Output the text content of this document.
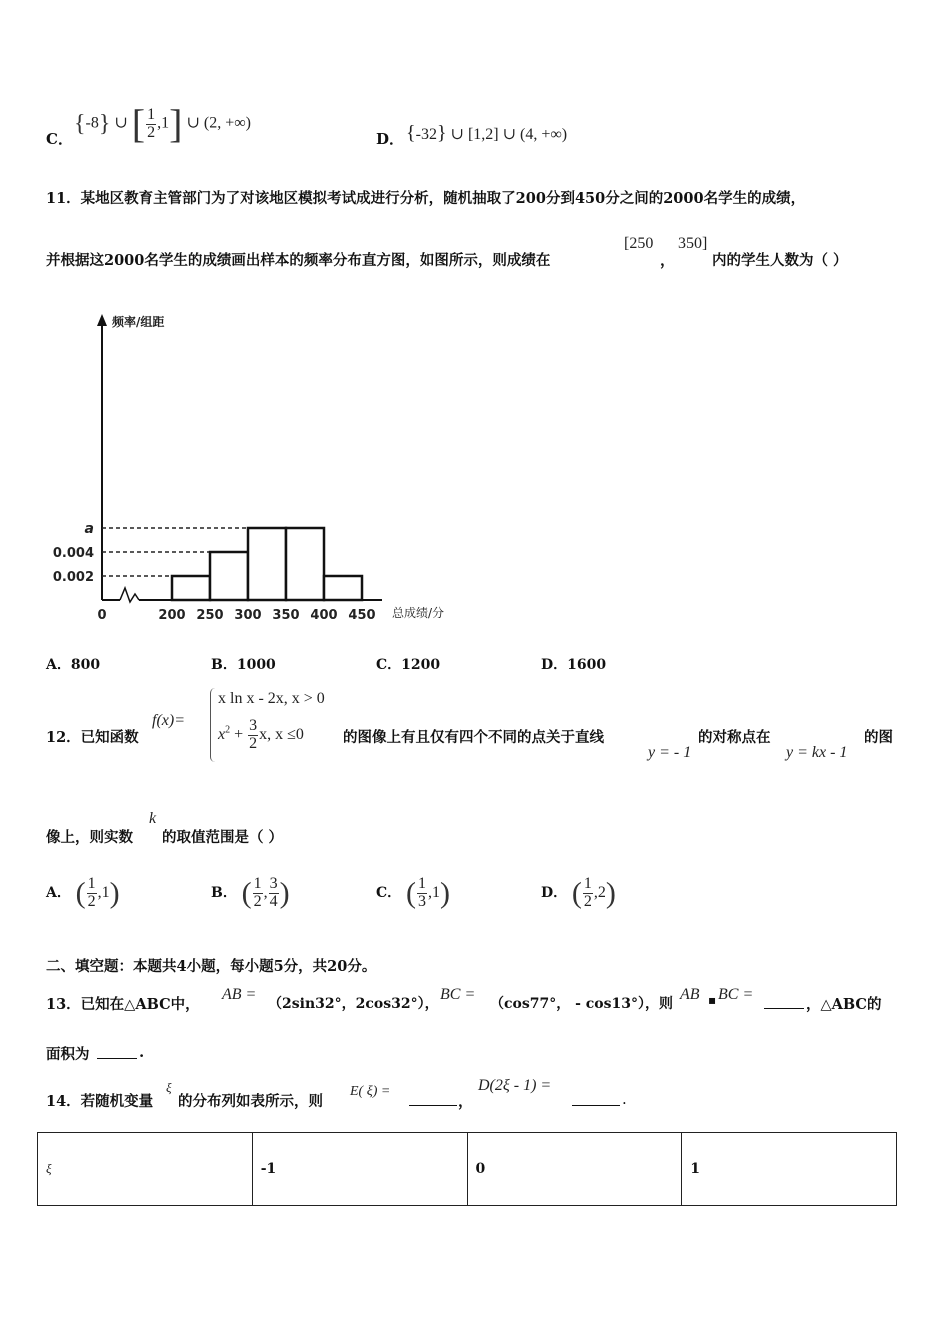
C．
{-8} ∪ [ $\frac{1}{2} ,1$] ∪ (2, +∞)
D． {-32} ∪ [1,2] ∪ (4, +∞)
11．某地区教育主管部门为了对该地区模拟考试成进行分析，随机抽取了200分到450分之间的2000名学生的成绩，
并根据这2000名学生的成绩画出样本的频率分布直方图，如图所示，则成绩在
[250
，
350]
内的学生人数为（ ）
频率/组距
总成绩/分
0.002
0.004
a
0	200 250 300 350 400 450
A．800	B．1000	C．1200	D．1600
12．已知函数
f(x)=
x ln x - 2x, x > 0
$x^2 + \frac{3}{2} x$, x ≤0	的图像上有且仅有四个不同的点关于直线
y = - 1
的对称点在
y = kx - 1
的图
像上，则实数
k
的取值范围是（ ）
A． ( $\frac{1}{2} ,1$)	B． ( $\frac{1}{2}$ , $\frac{3}{4}$ )	C． ( $\frac{1}{3} ,1$)	D． ( $\frac{1}{2} ,2$)
二、填空题：本题共4小题，每小题5分，共20分。
13．已知在△ABC中，
AB =
（2sin32°，2cos32°），
BC =
（cos77°， - cos13°），则
AB ▪ BC =
，△ABC的
面积为	.
14．若随机变量
ξ
的分布列如表所示，则
E( ξ) =
，
D(2ξ - 1) =
.
ξ	-1	0	1
